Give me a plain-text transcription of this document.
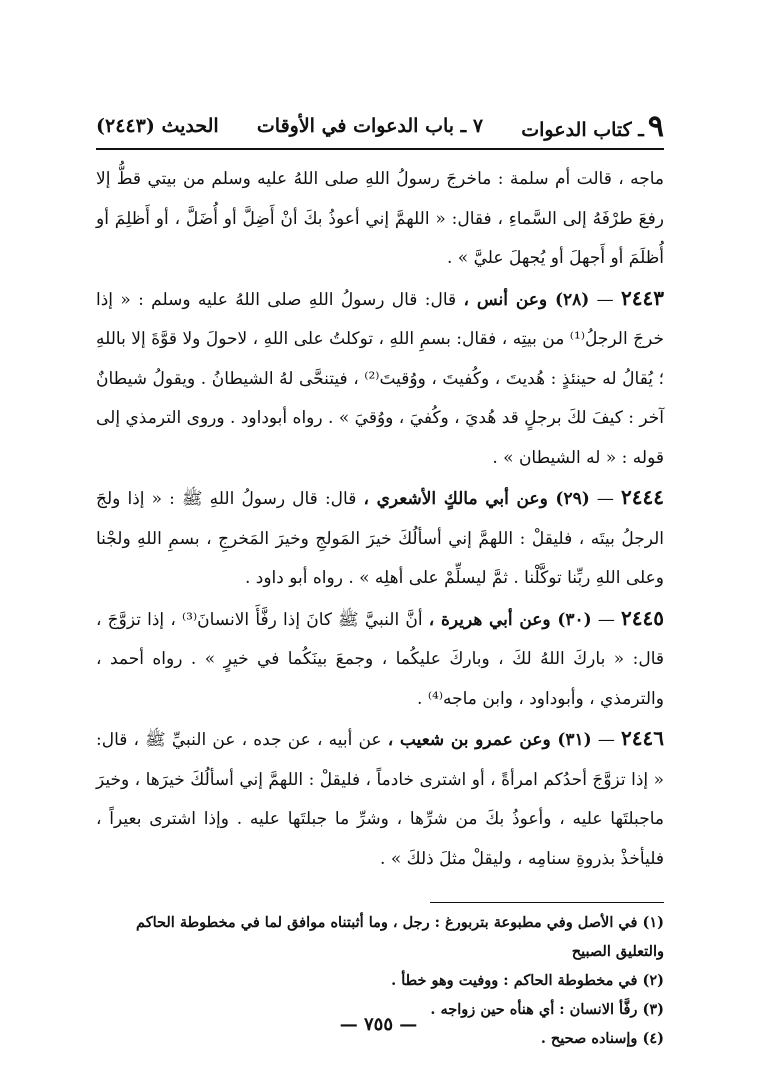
٩ـ كتاب الدعوات
٧ ـ باب الدعوات في الأوقات
الحديث (٢٤٤٣)

ماجه ، قالت أم سلمة : ماخرجَ رسولُ اللهِ صلى اللهُ عليه وسلم من بيتي قطُّ إلا رفعَ طرْفَهُ إلى السَّماءِ ، فقال: « اللهمَّ إني أعوذُ بكَ أنْ أَضِلَّ أو أُضَلَّ ، أو أَظلِمَ أو أُظلَمَ أو أَجهلَ أو يُجهلَ عليَّ » .

٢٤٤٣ — (٢٨) وعن أنس ، قال: قال رسولُ اللهِ صلى اللهُ عليه وسلم : « إذا خرجَ الرجلُ⁽¹⁾ من بيتِه ، فقال: بسمِ اللهِ ، توكلتُ على اللهِ ، لاحولَ ولا قوَّةَ إلا باللهِ ؛ يُقالُ له حينئذٍ : هُديتَ ، وكُفيتَ ، ووُقيتَ⁽²⁾ ، فيتنحَّى لهُ الشيطانُ . ويقولُ شيطانٌ آخر : كيفَ لكَ برجلٍ قد هُديَ ، وكُفيَ ، ووُقيَ » . رواه أبوداود . وروى الترمذي إلى قوله : « له الشيطان » .

٢٤٤٤ — (٢٩) وعن أبي مالكٍ الأشعري ، قال: قال رسولُ اللهِ ﷺ : « إذا ولجَ الرجلُ بيتَه ، فليقلْ : اللهمَّ إني أسألُكَ خيرَ المَولجِ وخيرَ المَخرجِ ، بسمِ اللهِ ولجْنا وعلى اللهِ ربِّنا توكَّلْنا . ثمَّ ليسلِّمْ على أهلِه » . رواه أبو داود .

٢٤٤٥ — (٣٠) وعن أبي هريرة ، أنَّ النبيَّ ﷺ كانَ إذا رفَّأَ الانسانَ⁽³⁾ ، إذا تزوَّجَ ، قال: « باركَ اللهُ لكَ ، وباركَ عليكُما ، وجمعَ بينَكُما في خيرٍ » . رواه أحمد ، والترمذي ، وأبوداود ، وابن ماجه⁽⁴⁾ .

٢٤٤٦ — (٣١) وعن عمرو بن شعيب ، عن أبيه ، عن جده ، عن النبيِّ ﷺ ، قال: « إذا تزوَّجَ أحدُكم امرأةً ، أو اشترى خادماً ، فليقلْ : اللهمَّ إني أسألُكَ خيرَها ، وخيرَ ماجبلتَها عليه ، وأعوذُ بكَ من شرِّها ، وشرِّ ما جبلتَها عليه . وإذا اشترى بعيراً ، فليأخذْ بذروةِ سنامِه ، وليقلْ مثلَ ذلكَ » .

(١) في الأصل وفي مطبوعة بتربورغ : رجل ، وما أثبتناه موافق لما في مخطوطة الحاكم والتعليق الصبيح

(٢) في مخطوطة الحاكم : ووفيت وهو خطأ .

(٣) رفَّأ الانسان : أي هنأه حين زواجه .

(٤) وإسناده صحيح .

— ٧٥٥ —
